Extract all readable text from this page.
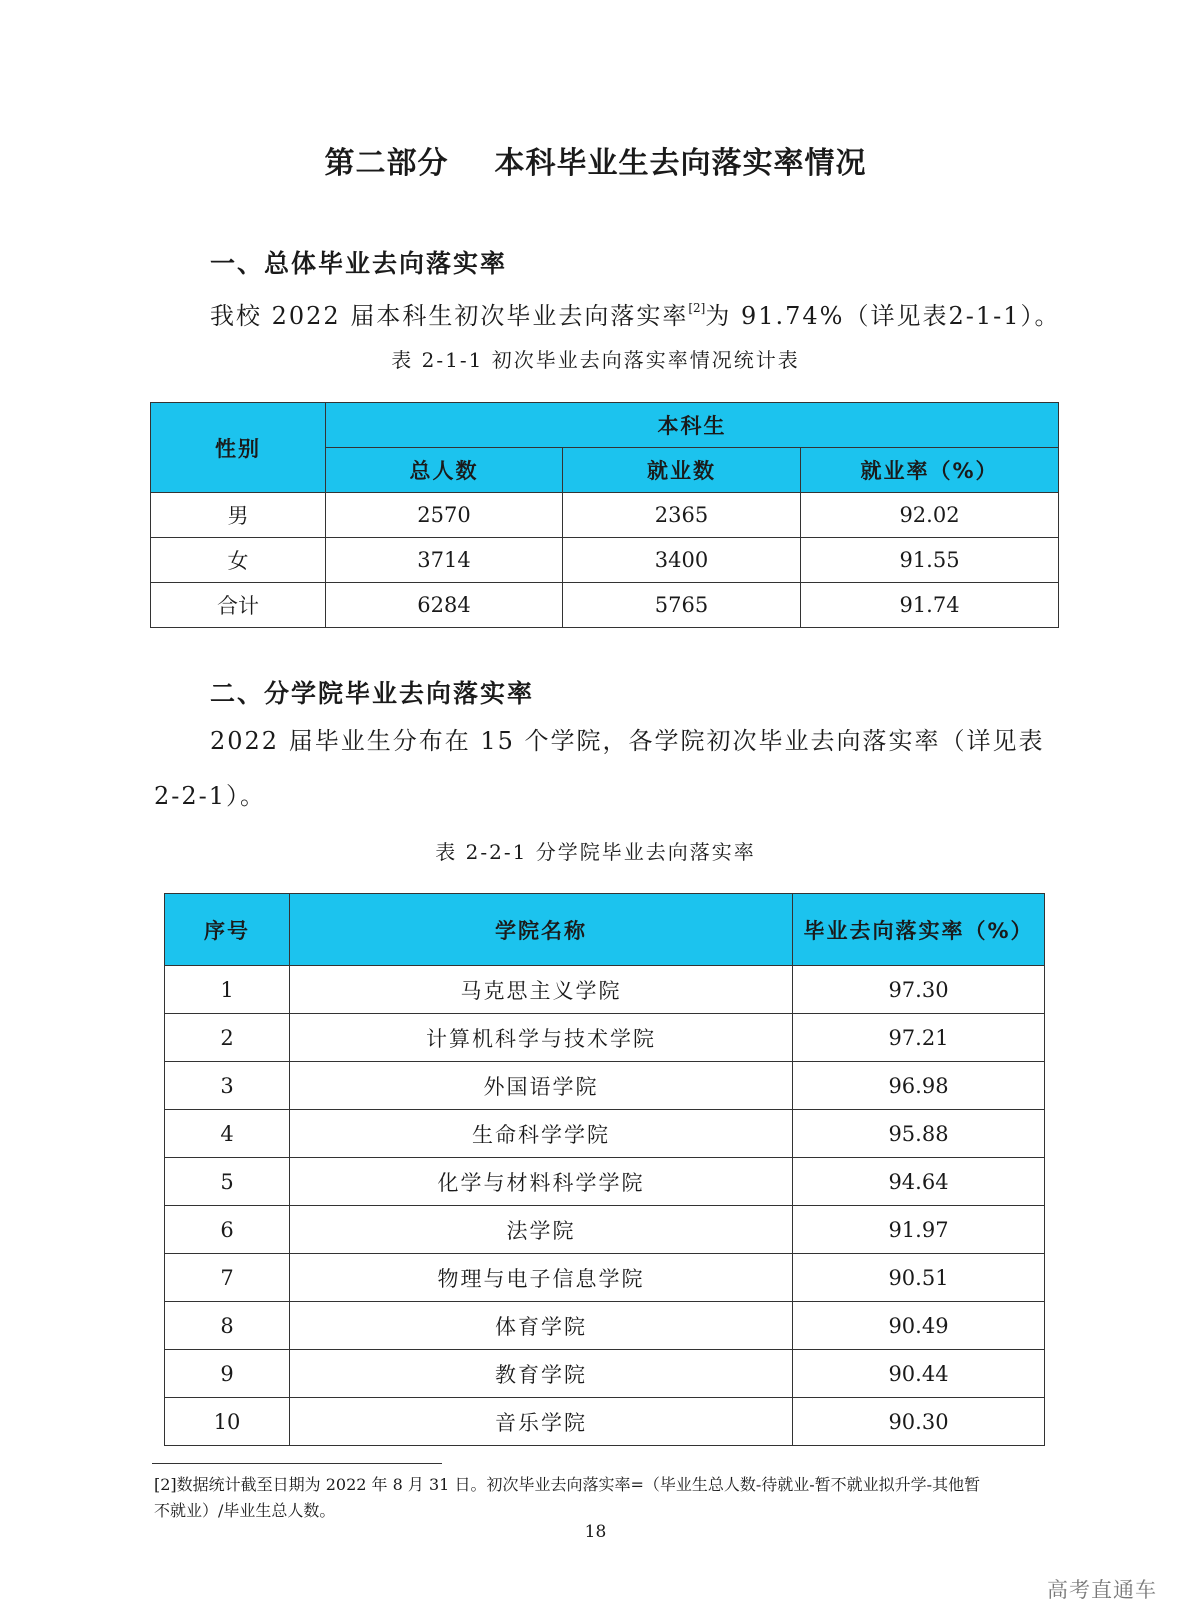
第二部分 本科毕业生去向落实率情况
一、总体毕业去向落实率
我校 2022 届本科生初次毕业去向落实率[2]为 91.74%（详见表2-1-1）。
表 2-1-1 初次毕业去向落实率情况统计表
性别	本科生		
	总人数	就业数	就业率（%）
男	2570	2365	92.02
女	3714	3400	91.55
合计	6284	5765	91.74
二、分学院毕业去向落实率
2022 届毕业生分布在 15 个学院，各学院初次毕业去向落实率（详见表
2-2-1）。
表 2-2-1 分学院毕业去向落实率
序号	学院名称	毕业去向落实率（%）
1	马克思主义学院	97.30
2	计算机科学与技术学院	97.21
3	外国语学院	96.98
4	生命科学学院	95.88
5	化学与材料科学学院	94.64
6	法学院	91.97
7	物理与电子信息学院	90.51
8	体育学院	90.49
9	教育学院	90.44
10	音乐学院	90.30
[2]数据统计截至日期为 2022 年 8 月 31 日。初次毕业去向落实率=（毕业生总人数-待就业-暂不就业拟升学-其他暂
不就业）/毕业生总人数。
18
高考直通车
